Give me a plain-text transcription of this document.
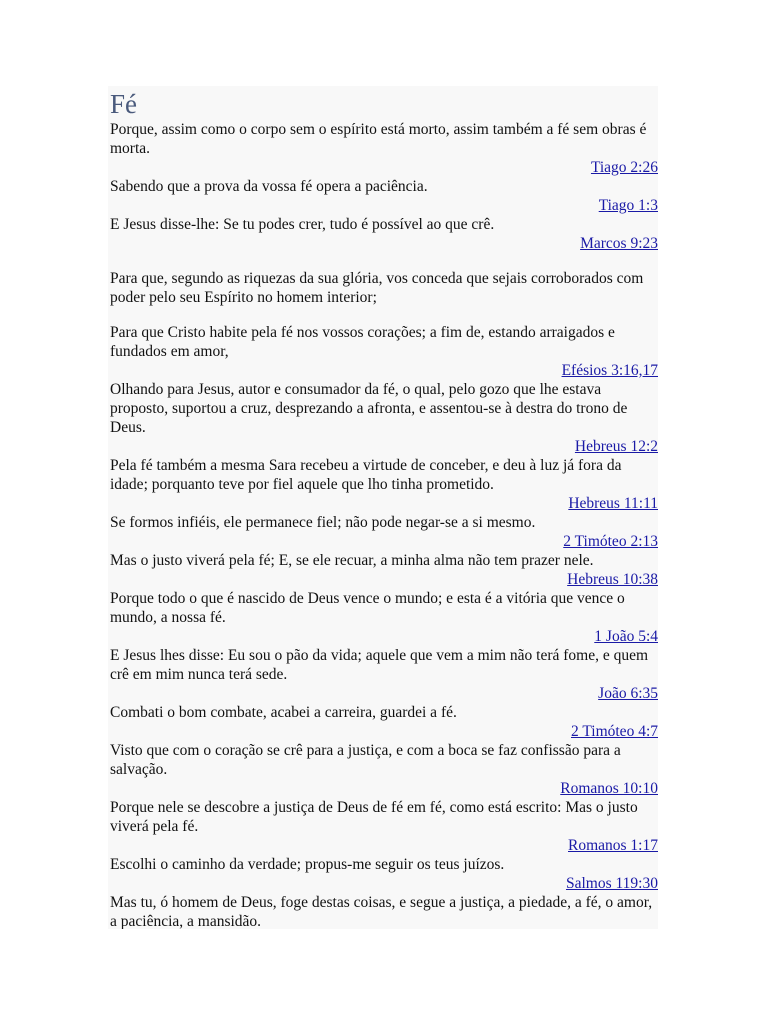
Fé

Porque, assim como o corpo sem o espírito está morto, assim também a fé sem obras é morta.

Tiago 2:26

Sabendo que a prova da vossa fé opera a paciência.

Tiago 1:3

E Jesus disse-lhe: Se tu podes crer, tudo é possível ao que crê.

Marcos 9:23

Para que, segundo as riquezas da sua glória, vos conceda que sejais corroborados com poder pelo seu Espírito no homem interior;

Para que Cristo habite pela fé nos vossos corações; a fim de, estando arraigados e fundados em amor,

Efésios 3:16,17

Olhando para Jesus, autor e consumador da fé, o qual, pelo gozo que lhe estava proposto, suportou a cruz, desprezando a afronta, e assentou-se à destra do trono de Deus.

Hebreus 12:2

Pela fé também a mesma Sara recebeu a virtude de conceber, e deu à luz já fora da idade; porquanto teve por fiel aquele que lho tinha prometido.

Hebreus 11:11

Se formos infiéis, ele permanece fiel; não pode negar-se a si mesmo.

2 Timóteo 2:13

Mas o justo viverá pela fé; E, se ele recuar, a minha alma não tem prazer nele.

Hebreus 10:38

Porque todo o que é nascido de Deus vence o mundo; e esta é a vitória que vence o mundo, a nossa fé.

1 João 5:4

E Jesus lhes disse: Eu sou o pão da vida; aquele que vem a mim não terá fome, e quem crê em mim nunca terá sede.

João 6:35

Combati o bom combate, acabei a carreira, guardei a fé.

2 Timóteo 4:7

Visto que com o coração se crê para a justiça, e com a boca se faz confissão para a salvação.

Romanos 10:10

Porque nele se descobre a justiça de Deus de fé em fé, como está escrito: Mas o justo viverá pela fé.

Romanos 1:17

Escolhi o caminho da verdade; propus-me seguir os teus juízos.

Salmos 119:30

Mas tu, ó homem de Deus, foge destas coisas, e segue a justiça, a piedade, a fé, o amor, a paciência, a mansidão.
